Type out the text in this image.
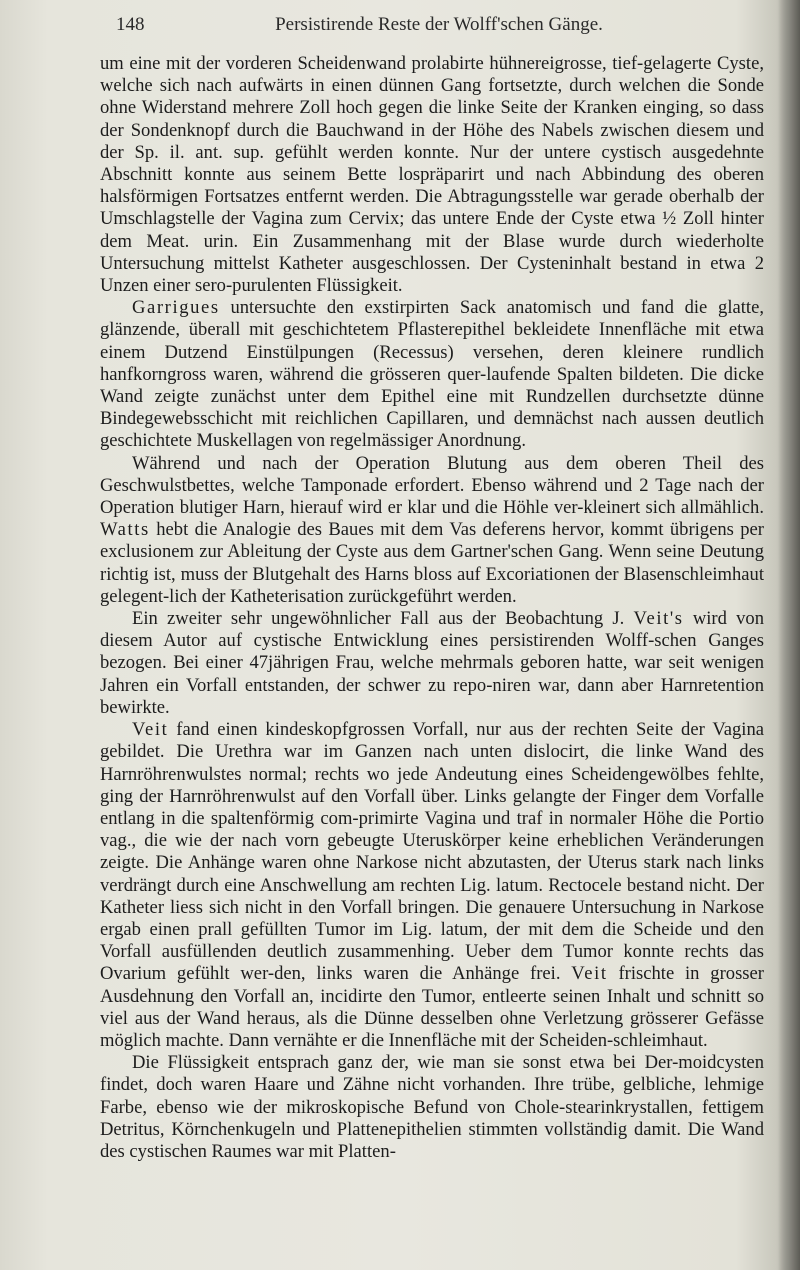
148	Persistirende Reste der Wolff'schen Gänge.

um eine mit der vorderen Scheidenwand prolabirte hühnereigrosse, tief-gelagerte Cyste, welche sich nach aufwärts in einen dünnen Gang fortsetzte, durch welchen die Sonde ohne Widerstand mehrere Zoll hoch gegen die linke Seite der Kranken einging, so dass der Sondenknopf durch die Bauchwand in der Höhe des Nabels zwischen diesem und der Sp. il. ant. sup. gefühlt werden konnte. Nur der untere cystisch ausgedehnte Abschnitt konnte aus seinem Bette lospräparirt und nach Abbindung des oberen halsförmigen Fortsatzes entfernt werden. Die Abtragungsstelle war gerade oberhalb der Umschlagstelle der Vagina zum Cervix; das untere Ende der Cyste etwa ½ Zoll hinter dem Meat. urin. Ein Zusammenhang mit der Blase wurde durch wiederholte Untersuchung mittelst Katheter ausgeschlossen. Der Cysteninhalt bestand in etwa 2 Unzen einer sero-purulenten Flüssigkeit.

Garrigues untersuchte den exstirpirten Sack anatomisch und fand die glatte, glänzende, überall mit geschichtetem Pflasterepithel bekleidete Innenfläche mit etwa einem Dutzend Einstülpungen (Recessus) versehen, deren kleinere rundlich hanfkorngross waren, während die grösseren quer-laufende Spalten bildeten. Die dicke Wand zeigte zunächst unter dem Epithel eine mit Rundzellen durchsetzte dünne Bindegewebsschicht mit reichlichen Capillaren, und demnächst nach aussen deutlich geschichtete Muskellagen von regelmässiger Anordnung.

Während und nach der Operation Blutung aus dem oberen Theil des Geschwulstbettes, welche Tamponade erfordert. Ebenso während und 2 Tage nach der Operation blutiger Harn, hierauf wird er klar und die Höhle ver-kleinert sich allmählich. Watts hebt die Analogie des Baues mit dem Vas deferens hervor, kommt übrigens per exclusionem zur Ableitung der Cyste aus dem Gartner'schen Gang. Wenn seine Deutung richtig ist, muss der Blutgehalt des Harns bloss auf Excoriationen der Blasenschleimhaut gelegent-lich der Katheterisation zurückgeführt werden.

Ein zweiter sehr ungewöhnlicher Fall aus der Beobachtung J. Veit's wird von diesem Autor auf cystische Entwicklung eines persistirenden Wolff-schen Ganges bezogen. Bei einer 47jährigen Frau, welche mehrmals geboren hatte, war seit wenigen Jahren ein Vorfall entstanden, der schwer zu repo-niren war, dann aber Harnretention bewirkte.

Veit fand einen kindeskopfgrossen Vorfall, nur aus der rechten Seite der Vagina gebildet. Die Urethra war im Ganzen nach unten dislocirt, die linke Wand des Harnröhrenwulstes normal; rechts wo jede Andeutung eines Scheidengewölbes fehlte, ging der Harnröhrenwulst auf den Vorfall über. Links gelangte der Finger dem Vorfalle entlang in die spaltenförmig com-primirte Vagina und traf in normaler Höhe die Portio vag., die wie der nach vorn gebeugte Uteruskörper keine erheblichen Veränderungen zeigte. Die Anhänge waren ohne Narkose nicht abzutasten, der Uterus stark nach links verdrängt durch eine Anschwellung am rechten Lig. latum. Rectocele bestand nicht. Der Katheter liess sich nicht in den Vorfall bringen. Die genauere Untersuchung in Narkose ergab einen prall gefüllten Tumor im Lig. latum, der mit dem die Scheide und den Vorfall ausfüllenden deutlich zusammenhing. Ueber dem Tumor konnte rechts das Ovarium gefühlt wer-den, links waren die Anhänge frei. Veit frischte in grosser Ausdehnung den Vorfall an, incidirte den Tumor, entleerte seinen Inhalt und schnitt so viel aus der Wand heraus, als die Dünne desselben ohne Verletzung grösserer Gefässe möglich machte. Dann vernähte er die Innenfläche mit der Scheiden-schleimhaut.

Die Flüssigkeit entsprach ganz der, wie man sie sonst etwa bei Der-moidcysten findet, doch waren Haare und Zähne nicht vorhanden. Ihre trübe, gelbliche, lehmige Farbe, ebenso wie der mikroskopische Befund von Chole-stearinkrystallen, fettigem Detritus, Körnchenkugeln und Plattenepithelien stimmten vollständig damit. Die Wand des cystischen Raumes war mit Platten-
